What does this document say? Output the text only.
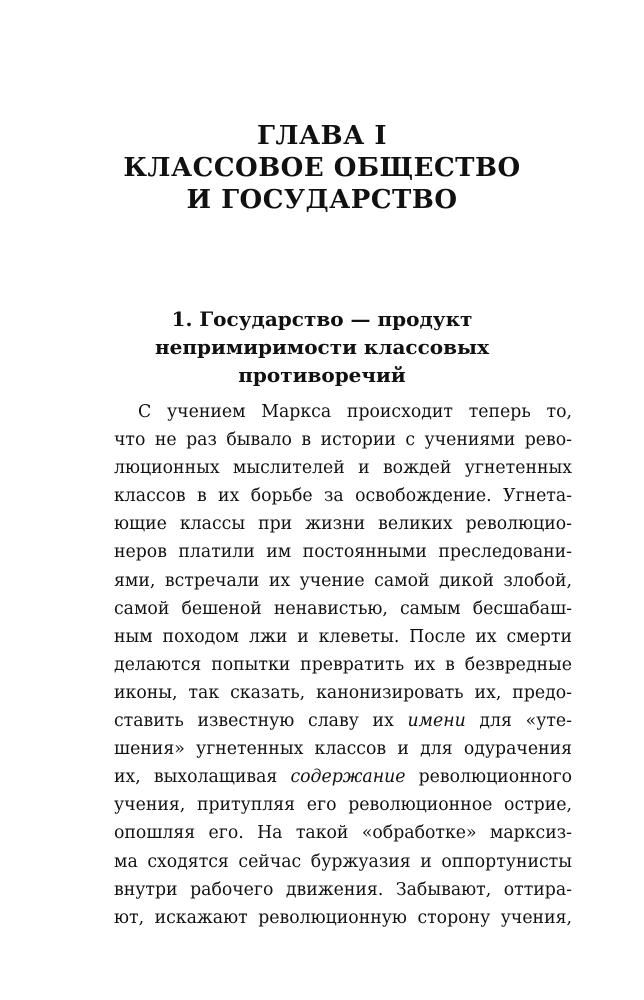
ГЛАВА I
КЛАССОВОЕ ОБЩЕСТВО
И ГОСУДАРСТВО
1. Государство — продукт
непримиримости классовых
противоречий
С учением Маркса происходит теперь то,
что не раз бывало в истории с учениями рево-
люционных мыслителей и вождей угнетенных
классов в их борьбе за освобождение. Угнета-
ющие классы при жизни великих революцио-
неров платили им постоянными преследовани-
ями, встречали их учение самой дикой злобой,
самой бешеной ненавистью, самым бесшабаш-
ным походом лжи и клеветы. После их смерти
делаются попытки превратить их в безвредные
иконы, так сказать, канонизировать их, предо-
ставить известную славу их имени для «уте-
шения» угнетенных классов и для одурачения
их, выхолащивая содержание революционного
учения, притупляя его революционное острие,
опошляя его. На такой «обработке» марксиз-
ма сходятся сейчас буржуазия и оппортунисты
внутри рабочего движения. Забывают, оттира-
ют, искажают революционную сторону учения,
